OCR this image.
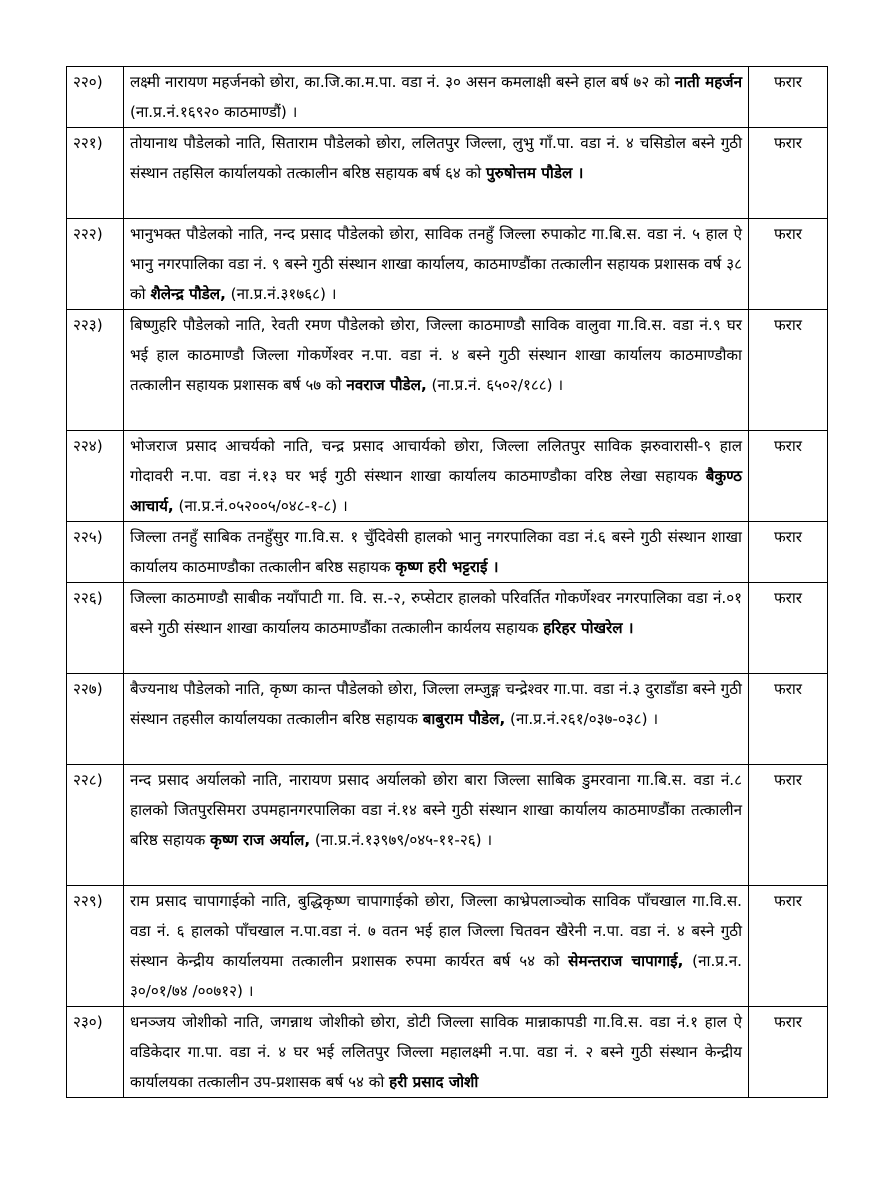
२२०)	लक्ष्मी नारायण महर्जनको छोरा, का.जि.का.म.पा. वडा नं. ३० असन कमलाक्षी बस्ने हाल बर्ष ७२ को नाती महर्जन (ना.प्र.नं.१६९२० काठमाण्डौं) ।	फरार
२२१)	तोयानाथ पौडेलको नाति, सिताराम पौडेलको छोरा, ललितपुर जिल्ला, लुभु गाँ.पा. वडा नं. ४ चसिडोल बस्ने गुठी संस्थान तहसिल कार्यालयको तत्कालीन बरिष्ठ सहायक बर्ष ६४ को पुरुषोत्तम पौडेल ।	फरार
२२२)	भानुभक्त पौडेलको नाति, नन्द प्रसाद पौडेलको छोरा, साविक तनहुँ जिल्ला रुपाकोट गा.बि.स. वडा नं. ५ हाल ऐ भानु नगरपालिका वडा नं. ९ बस्ने गुठी संस्थान शाखा कार्यालय, काठमाण्डौंका तत्कालीन सहायक प्रशासक वर्ष ३८ को शैलेन्द्र पौडेल, (ना.प्र.नं.३१७६८) ।	फरार
२२३)	बिष्णुहरि पौडेलको नाति, रेवती रमण पौडेलको छोरा, जिल्ला काठमाण्डौ साविक वालुवा गा.वि.स. वडा नं.९ घर भई हाल काठमाण्डौ जिल्ला गोकर्णेश्वर न.पा. वडा नं. ४ बस्ने गुठी संस्थान शाखा कार्यालय काठमाण्डौका तत्कालीन सहायक प्रशासक बर्ष ५७ को नवराज पौडेल, (ना.प्र.नं. ६५०२/१८८) ।	फरार
२२४)	भोजराज प्रसाद आचर्यको नाति, चन्द्र प्रसाद आचार्यको छोरा, जिल्ला ललितपुर साविक झरुवारासी-९ हाल गोदावरी न.पा. वडा नं.१३ घर भई गुठी संस्थान शाखा कार्यालय काठमाण्डौका वरिष्ठ लेखा सहायक बैकुण्ठ आचार्य, (ना.प्र.नं.०५२००५/०४८-१-८) ।	फरार
२२५)	जिल्ला तनहुँ साबिक तनहुँसुर गा.वि.स. १ चुँदिवेसी हालको भानु नगरपालिका वडा नं.६ बस्ने गुठी संस्थान शाखा कार्यालय काठमाण्डौका तत्कालीन बरिष्ठ सहायक कृष्ण हरी भट्टराई ।	फरार
२२६)	जिल्ला काठमाण्डौ साबीक नयाँपाटी गा. वि. स.-२, रुप्सेटार हालको परिवर्तित गोकर्णेश्वर नगरपालिका वडा नं.०१ बस्ने गुठी संस्थान शाखा कार्यालय काठमाण्डौंका तत्कालीन कार्यलय सहायक हरिहर पोखरेल ।	फरार
२२७)	बैज्यनाथ पौडेलको नाति, कृष्ण कान्त पौडेलको छोरा, जिल्ला लम्जुङ्ग चन्द्रेश्वर गा.पा. वडा नं.३ दुराडाँडा बस्ने गुठी संस्थान तहसील कार्यालयका तत्कालीन बरिष्ठ सहायक बाबुराम पौडेल, (ना.प्र.नं.२६१/०३७-०३८) ।	फरार
२२८)	नन्द प्रसाद अर्यालको नाति, नारायण प्रसाद अर्यालको छोरा बारा जिल्ला साबिक डुमरवाना गा.बि.स. वडा नं.८ हालको जितपुरसिमरा उपमहानगरपालिका वडा नं.१४ बस्ने गुठी संस्थान शाखा कार्यालय काठमाण्डौंका तत्कालीन बरिष्ठ सहायक कृष्ण राज अर्याल, (ना.प्र.नं.१३९७९/०४५-११-२६) ।	फरार
२२९)	राम प्रसाद चापागाईको नाति, बुद्धिकृष्ण चापागाईको छोरा, जिल्ला काभ्रेपलाञ्चोक साविक पाँचखाल गा.वि.स. वडा नं. ६ हालको पाँचखाल न.पा.वडा नं. ७ वतन भई हाल जिल्ला चितवन खैरेनी न.पा. वडा नं. ४ बस्ने गुठी संस्थान केन्द्रीय कार्यालयमा तत्कालीन प्रशासक रुपमा कार्यरत बर्ष ५४ को सेमन्तराज चापागाई, (ना.प्र.न. ३०/०१/७४ /००७१२) ।	फरार
२३०)	धनञ्जय जोशीको नाति, जगन्नाथ जोशीको छोरा, डोटी जिल्ला साविक मान्नाकापडी गा.वि.स. वडा नं.१ हाल ऐ वडिकेदार गा.पा. वडा नं. ४ घर भई ललितपुर जिल्ला महालक्ष्मी न.पा. वडा नं. २ बस्ने गुठी संस्थान केन्द्रीय कार्यालयका तत्कालीन उप-प्रशासक बर्ष ५४ को हरी प्रसाद जोशी	फरार
